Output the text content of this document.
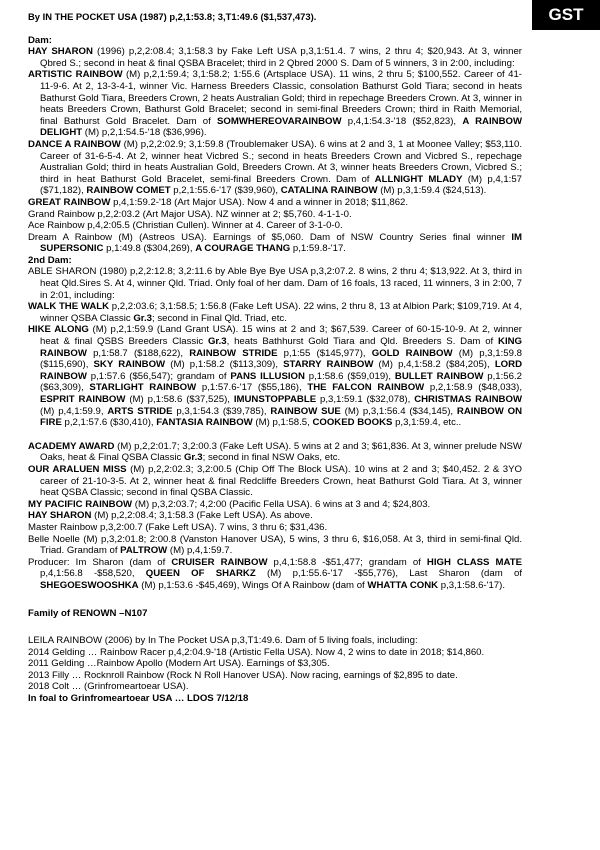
GST

By IN THE POCKET USA (1987) p,2,1:53.8; 3,T1:49.6 ($1,537,473).

Dam:

HAY SHARON (1996) p,2,2:08.4; 3,1:58.3 by Fake Left USA p,3,1:51.4. 7 wins, 2 thru 4; $20,943. At 3, winner Qbred S.; second in heat & final QSBA Bracelet; third in 2 Qbred 2000 S. Dam of 5 winners, 3 in 2:00, including:

ARTISTIC RAINBOW (M) p,2,1:59.4; 3,1:58.2; 1:55.6 (Artsplace USA). 11 wins, 2 thru 5; $100,552. Career of 41-11-9-6. At 2, 13-3-4-1, winner Vic. Harness Breeders Classic, consolation Bathurst Gold Tiara; second in heats Bathurst Gold Tiara, Breeders Crown, 2 heats Australian Gold; third in repechage Breeders Crown. At 3, winner in heats Breeders Crown, Bathurst Gold Bracelet; second in semi-final Breeders Crown; third in Raith Memorial, final Bathurst Gold Bracelet. Dam of SOMWHEREOVARAINBOW p,4,1:54.3-'18 ($52,823), A RAINBOW DELIGHT (M) p,2,1:54.5-'18 ($36,996).

DANCE A RAINBOW (M) p,2,2:02.9; 3,1:59.8 (Troublemaker USA). 6 wins at 2 and 3, 1 at Moonee Valley; $53,110. Career of 31-6-5-4. At 2, winner heat Vicbred S.; second in heats Breeders Crown and Vicbred S., repechage Australian Gold; third in heats Australian Gold, Breeders Crown. At 3, winner heats Breeders Crown, Vicbred S.; third in heat Bathurst Gold Bracelet, semi-final Breeders Crown. Dam of ALLNIGHT MLADY (M) p,4,1:57 ($71,182), RAINBOW COMET p,2,1:55.6-'17 ($39,960), CATALINA RAINBOW (M) p,3,1:59.4 ($24,513).

GREAT RAINBOW p,4,1:59.2-'18 (Art Major USA). Now 4 and a winner in 2018; $11,862.

Grand Rainbow p,2,2:03.2 (Art Major USA). NZ winner at 2; $5,760. 4-1-1-0.

Ace Rainbow p,4,2:05.5 (Christian Cullen). Winner at 4. Career of 3-1-0-0.

Dream A Rainbow (M) (Astreos USA). Earnings of $5,060. Dam of NSW Country Series final winner IM SUPERSONIC p,1:49.8 ($304,269), A COURAGE THANG p,1:59.8-'17.

2nd Dam:

ABLE SHARON (1980) p,2,2:12.8; 3,2:11.6 by Able Bye Bye USA p,3,2:07.2. 8 wins, 2 thru 4; $13,922. At 3, third in heat Qld.Sires S. At 4, winner Qld. Triad. Only foal of her dam. Dam of 16 foals, 13 raced, 11 winners, 3 in 2:00, 7 in 2:01, including:

WALK THE WALK p,2,2:03.6; 3,1:58.5; 1:56.8 (Fake Left USA). 22 wins, 2 thru 8, 13 at Albion Park; $109,719. At 4, winner QSBA Classic Gr.3; second in Final Qld. Triad, etc.

HIKE ALONG (M) p,2,1:59.9 (Land Grant USA). 15 wins at 2 and 3; $67,539. Career of 60-15-10-9. At 2, winner heat & final QSBS Breeders Classic Gr.3, heats Bathhurst Gold Tiara and Qld. Breeders S. Dam of KING RAINBOW p,1:58.7 ($188,622), RAINBOW STRIDE p,1:55 ($145,977), GOLD RAINBOW (M) p,3,1:59.8 ($115,690), SKY RAINBOW (M) p,1:58.2 ($113,309), STARRY RAINBOW (M) p,4,1:58.2 ($84,205), LORD RAINBOW p,1:57.6 ($56,547); grandam of PANS ILLUSION p,1:58.6 ($59,019), BULLET RAINBOW p,1:56.2 ($63,309), STARLIGHT RAINBOW p,1:57.6-'17 ($55,186), THE FALCON RAINBOW p,2,1:58.9 ($48,033), ESPRIT RAINBOW (M) p,1:58.6 ($37,525), IMUNSTOPPABLE p,3,1:59.1 ($32,078), CHRISTMAS RAINBOW (M) p,4,1:59.9, ARTS STRIDE p,3,1:54.3 ($39,785), RAINBOW SUE (M) p,3,1:56.4 ($34,145), RAINBOW ON FIRE p,2,1:57.6 ($30,410), FANTASIA RAINBOW (M) p,1:58.5, COOKED BOOKS p,3,1:59.4, etc..

ACADEMY AWARD (M) p,2,2:01.7; 3,2:00.3 (Fake Left USA). 5 wins at 2 and 3; $61,836. At 3, winner prelude NSW Oaks, heat & Final QSBA Classic Gr.3; second in final NSW Oaks, etc.

OUR ARALUEN MISS (M) p,2,2:02.3; 3,2:00.5 (Chip Off The Block USA). 10 wins at 2 and 3; $40,452. 2 & 3YO career of 21-10-3-5. At 2, winner heat & final Redcliffe Breeders Crown, heat Bathurst Gold Tiara. At 3, winner heat QSBA Classic; second in final QSBA Classic.

MY PACIFIC RAINBOW (M) p,3,2:03.7; 4,2:00 (Pacific Fella USA). 6 wins at 3 and 4; $24,803.

HAY SHARON (M) p,2,2:08.4; 3,1:58.3 (Fake Left USA). As above.

Master Rainbow p,3,2:00.7 (Fake Left USA). 7 wins, 3 thru 6; $31,436.

Belle Noelle (M) p,3,2:01.8; 2:00.8 (Vanston Hanover USA), 5 wins, 3 thru 6, $16,058. At 3, third in semi-final Qld. Triad. Grandam of PALTROW (M) p,4,1:59.7.

Producer: Im Sharon (dam of CRUISER RAINBOW p,4,1:58.8 -$51,477; grandam of HIGH CLASS MATE p,4,1:56.8 -$58,520, QUEEN OF SHARKZ (M) p,1:55.6-'17 -$55,776), Last Sharon (dam of SHEGOESWOOSHKA (M) p,1:53.6 -$45,469), Wings Of A Rainbow (dam of WHATTA CONK p,3,1:58.6-'17).

Family of RENOWN –N107

LEILA RAINBOW (2006) by In The Pocket USA p,3,T1:49.6. Dam of 5 living foals, including:

2014 Gelding … Rainbow Racer p,4,2:04.9-'18 (Artistic Fella USA). Now 4, 2 wins to date in 2018; $14,860.

2011 Gelding …Rainbow Apollo (Modern Art USA). Earnings of $3,305.

2013 Filly … Rocknroll Rainbow (Rock N Roll Hanover USA). Now racing, earnings of $2,895 to date.

2018 Colt … (Grinfromeartoear USA).

In foal to Grinfromeartoear USA … LDOS 7/12/18
